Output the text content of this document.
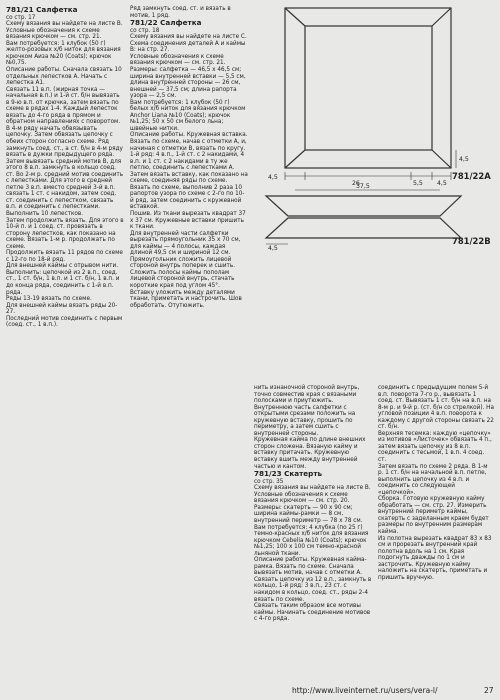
781/21 Салфетка

со стр. 17

Схему вязания вы найдете на листе В.

Условные обозначения к схеме вязания крючком — см. стр. 21.

Вам потребуется: 1 клубок (50 г) желто-розовых х/б ниток для вязания крючком Аиза №20 (Coats); крючок №0,75.

Описание работы. Сначала связать 10 отдельных лепестков А. Начать с лепестка А1.

Связать 11 в.п. (жирная точка — начальная в.п.) и 1-й ст. б/н вывязать в 9-ю в.п. от крючка, затем вязать по схеме в рядах 1-4. Каждый лепесток вязать до 4-го ряда в прямом и обратном направлениях с поворотом. В 4-м ряду начать обвязывать цепочку. Затем обвязать цепочку с обеих сторон согласно схеме. Ряд замкнуть соед. ст., а ст. б/н в 4-м ряду вязать в дужки предыдущего ряда. Затем вывязать средний мотив В, для этого 8 в.п. замкнуть в кольцо соед. ст. Во 2-м р. средний мотив соединить с лепестками. Для этого в средней петле 3 в.п. вместо средней 3-й в.п. связать 1 ст. с накидом, затем соед. ст. соединить с лепестком, связать в.п. и соединить с лепестками.

Выполнить 10 лепестков.

Затем продолжить вязать. Для этого в 10-й п. и 1 соед. ст. провязать в сторону лепестков, как показано на схеме. Вязать 1-м р. продолжать по схеме.

Продолжить вязать 11 рядов по схеме с 12-го по 18-й ряд.

Для внешней каймы с отрывом нити. Выполнить: цепочкой из 2 в.п., соед. ст., 1 ст. б/н, 1 в.п. и 1 ст. б/н, 1 в.п. и до конца ряда, соединить с 1-й в.п. ряда.

Ряды 13-19 вязать по схеме.

Для внешней каймы вязать ряды 20-27.

Последний мотив соединить с первым (соед. ст., 1 в.п.).

Ряд замкнуть соед. ст. и вязать в мотив, 1 ряд.

781/22 Салфетка

со стр. 18

Схему вязания вы найдете на листе С.

Схема соединения деталей А и каймы В: на стр. 27.

Условные обозначения к схеме вязания крючком — см. стр. 21.

Размеры: салфетка — 46,5 x 46,5 см; ширина внутренней вставки — 5,5 см, длина внутренней стороны — 26 см, внешней — 37,5 см; длина рапорта узора — 2,5 см.

Вам потребуется: 1 клубок (50 г) белых х/б ниток для вязания крючком Anchor Liana №10 (Coats); крючок №1,25; 50 x 50 см белого льна; швейные нитки.

Описание работы. Кружевная вставка. Вязать по схеме, начав с отметки А, и, начиная с отметки В, вязать по кругу.

1-й ряд: 4 в.п., 1-й ст. с 2 накидами, 4 в.п. и 1 ст. с 2 накидами в ту же петлю, соединить с лепестками А.

Затем вязать вставку, как показано на схеме, соединяя ряды по схеме. Вязать по схеме, выполнив 2 раза 10 рапортов узора по схеме с 2-го по 10-й ряд, затем соединить с кружевной вставкой.

Пошив. Из ткани вырезать квадрат 37 x 37 см. Кружевные вставки пришить к ткани.

Для внутренней части салфетки вырезать прямоугольник 35 х 70 см, для каймы — 4 полосы, каждая длиной 49,5 см и шириной 12 см. Прямоугольник сложить лицевой стороной внутрь поперек и сшить.

Сложить полосы каймы пополам лицевой стороной внутрь, стачать короткие края под углом 45°.

Вставку уложить между деталями ткани, приметать и настрочить. Шов обработать. Отутюжить.

4,5
26	5,5 4,5
4,5
781/22А
37,5
4,5
781/22В

нить изнаночной стороной внутрь, точно совместив края с вязаными полосками и приутюжить.

Внутреннюю часть салфетки с открытыми срезами положить на кружевную вставку, прошить по периметру, а затем сшить с внутренней стороны.

Кружевная кайма по длине внешних сторон сложена. Вязаную кайму и вставку притачать. Кружевную вставку вшить между внутренней частью и кантом.

781/23 Скатерть

со стр. 35

Схему вязания вы найдете на листе В.

Условные обозначения к схеме вязания крючком — см. стр. 20.

Размеры: скатерть — 90 x 90 см; ширина каймы-рамки — 8 см, внутренний периметр — 78 x 78 см.

Вам потребуется: 4 клубка (по 25 г) темно-красных х/б ниток для вязания крючком Cebelia №10 (Coats); крючок №1,25; 100 x 100 см темно-красной льняной ткани.

Описание работы. Кружевная кайма-рамка. Вязать по схеме. Сначала вывязать мотив, начав с отметки А. Связать цепочку из 12 в.п., замкнуть в кольцо, 1-й ряд: 3 в.п., 23 ст. с накидом в кольцо, соед. ст., ряды 2-4 вязать по схеме.

Связать таким образом все мотивы каймы. Начинать соединение мотивов с 4-го ряда.

соединить с предыдущим полем 5-й в.п. поворота 7-го р., вывязать 1 соед. ст. Вывязать 1 ст. б/н на в.п. на 8-м р. и 9-й р. (ст. б/н со стрелкой). На угловой позиции 4 в.п. поворота к каждому с другой стороны связать 22 ст. б/н.

Верхняя тесемка: каждую «цепочку» из мотивов «Листочек» обвязать 4 п., затем вязать цепочку из 8 в.п. соединить с тесьмой, 1 в.п. 4 соед. ст.

Затем вязать по схеме 2 ряда. В 1-м р. 1 ст. б/н на начальной в.п. петле, выполнить цепочку из 4 в.п. и соединить со следующей «цепочкой».

Сборка. Готовую кружевную кайму обработать — см. стр. 27. Измерить внутренний периметр каймы, скатерть с заделанным краем будет размеры по внутренним размерам кайма.

Из полотна вырезать квадрат 83 x 83 см и прорезать внутренний край полотна вдоль на 1 см. Края подогнуть дважды по 1 см и застрочить. Кружевную кайму наложить на скатерть, приметать и пришить вручную.

http://www.liveinternet.ru/users/vera-l/	27
